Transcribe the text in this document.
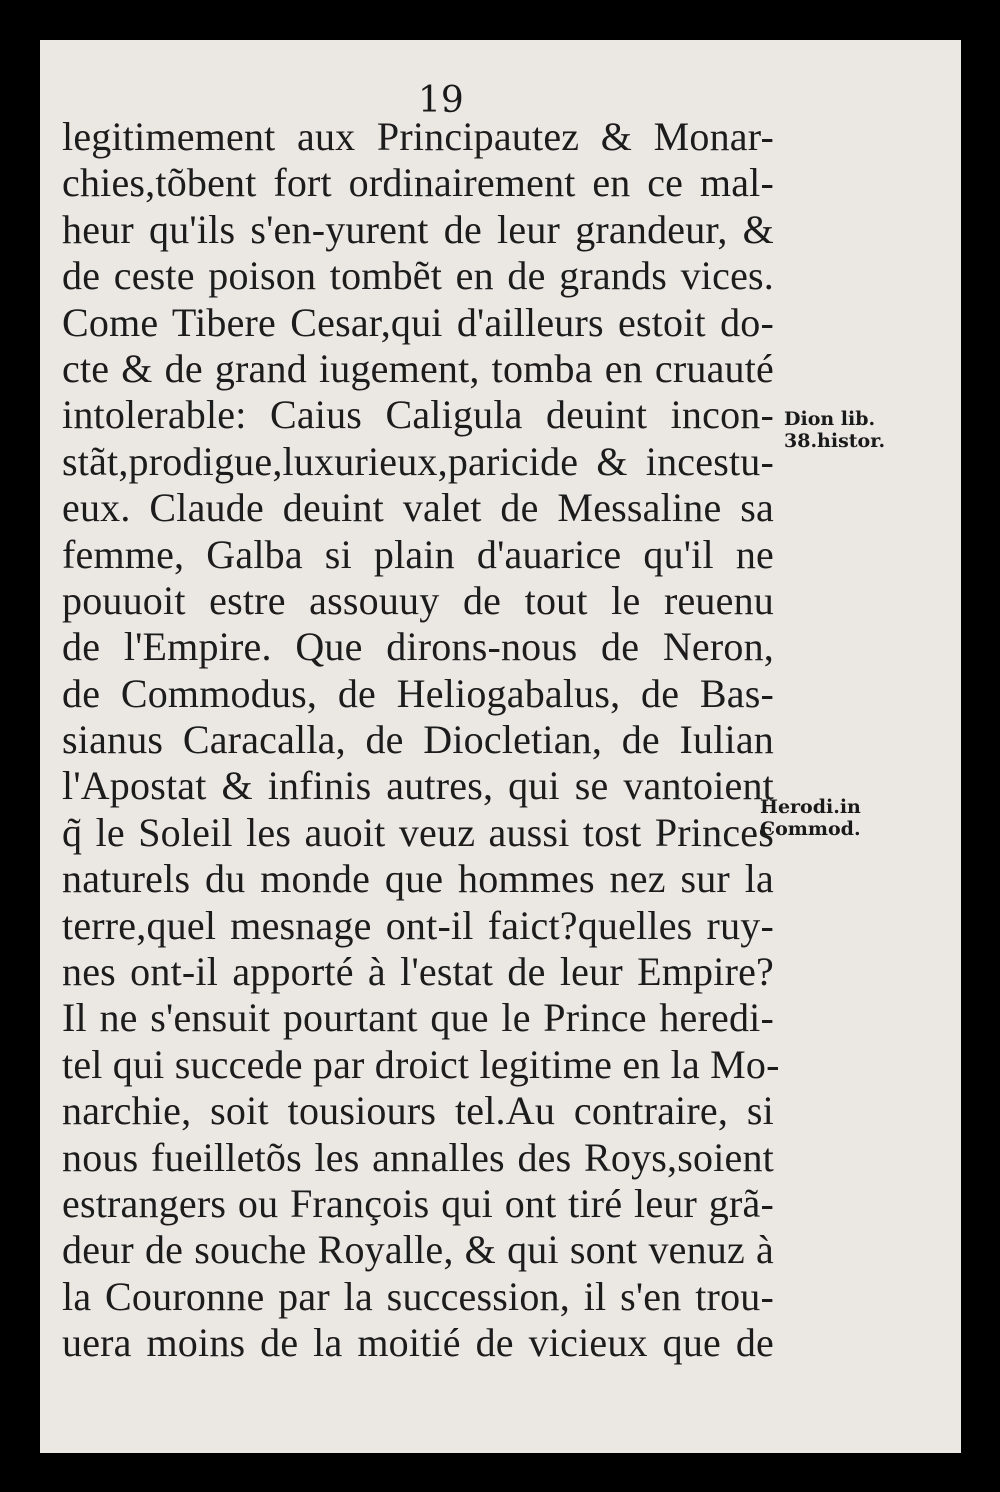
19
legitimement aux Principautez & Monar-
chies,tõbent fort ordinairement en ce mal-
heur qu'ils s'en-yurent de leur grandeur, &
de ceste poison tombẽt en de grands vices.
Come Tibere Cesar,qui d'ailleurs estoit do-
cte & de grand iugement, tomba en cruauté
intolerable: Caius Caligula deuint incon-
stãt,prodigue,luxurieux,paricide & incestu-
eux. Claude deuint valet de Messaline sa
femme, Galba si plain d'auarice qu'il ne
pouuoit estre assouuy de tout le reuenu
de l'Empire. Que dirons-nous de Neron,
de Commodus, de Heliogabalus, de Bas-
sianus Caracalla, de Diocletian, de Iulian
l'Apostat & infinis autres, qui se vantoient
q̃ le Soleil les auoit veuz aussi tost Princes
naturels du monde que hommes nez sur la
terre,quel mesnage ont-il faict?quelles ruy-
nes ont-il apporté à l'estat de leur Empire?
Il ne s'ensuit pourtant que le Prince heredi-
tel qui succede par droict legitime en la Mo-
narchie, soit tousiours tel.Au contraire, si
nous fueilletõs les annalles des Roys,soient
estrangers ou François qui ont tiré leur grã-
deur de souche Royalle, & qui sont venuz à
la Couronne par la succession, il s'en trou-
uera moins de la moitié de vicieux que de
Dion lib.
38.histor.
Herodi.in
Commod.
